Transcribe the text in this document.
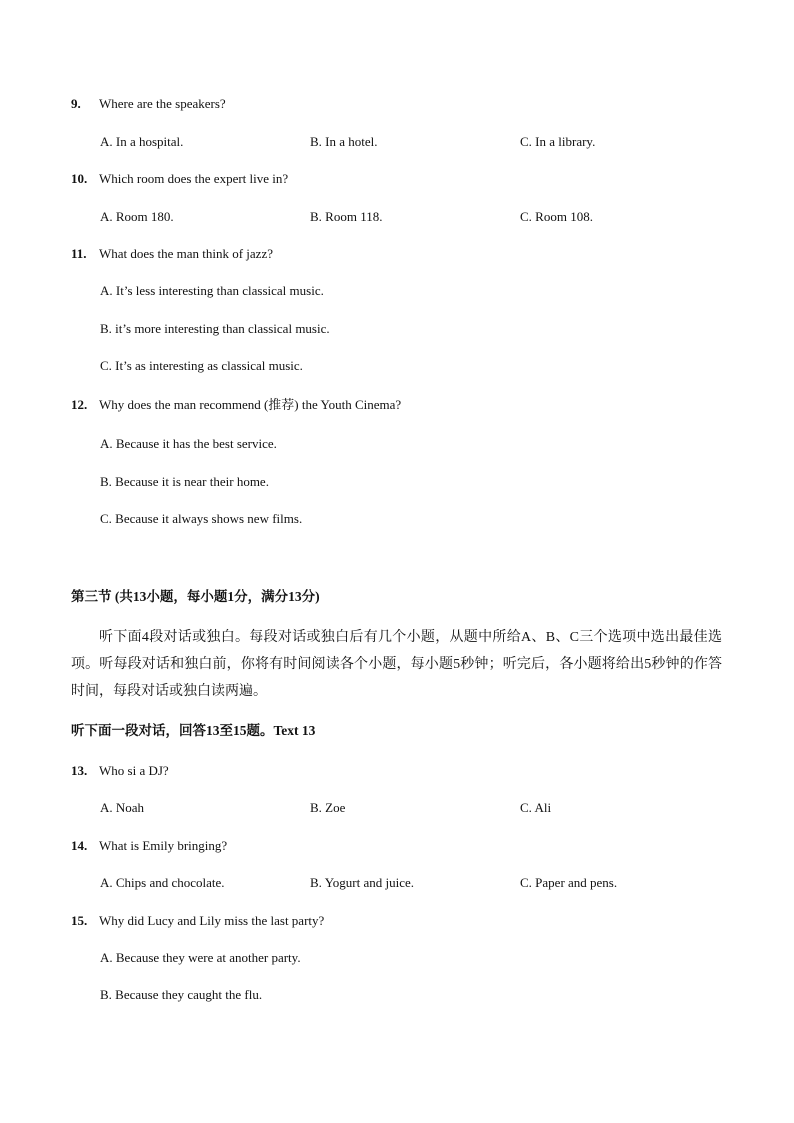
9. Where are the speakers?
A. In a hospital.	B. In a hotel.	C. In a library.
10. Which room does the expert live in?
A. Room 180.	B. Room 118.	C. Room 108.
11. What does the man think of jazz?
A. It’s less interesting than classical music.
B. it’s more interesting than classical music.
C. It’s as interesting as classical music.
12. Why does the man recommend (推荐) the Youth Cinema?
A. Because it has the best service.
B. Because it is near their home.
C. Because it always shows new films.
第三节 (共13小题，每小题1分，满分13分)
听下面4段对话或独白。每段对话或独白后有几个小题，从题中所给A、B、C三个选项中选出最佳选项。听每段对话和独白前，你将有时间阅读各个小题，每小题5秒钟；听完后，各小题将给出5秒钟的作答时间，每段对话或独白读两遍。
听下面一段对话，回答13至15题。Text 13
13. Who si a DJ?
A. Noah	B. Zoe	C. Ali
14. What is Emily bringing?
A. Chips and chocolate.	B. Yogurt and juice.	C. Paper and pens.
15. Why did Lucy and Lily miss the last party?
A. Because they were at another party.
B. Because they caught the flu.
